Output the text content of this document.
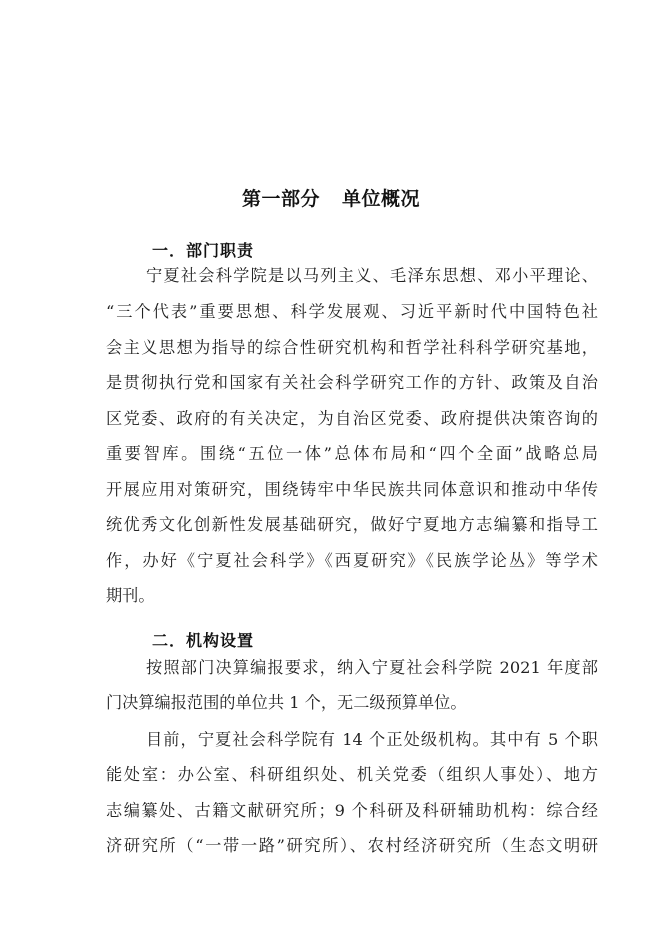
第一部分 单位概况
一．部门职责
宁夏社会科学院是以马列主义、毛泽东思想、邓小平理论、
“三个代表”重要思想、科学发展观、习近平新时代中国特色社
会主义思想为指导的综合性研究机构和哲学社科科学研究基地，
是贯彻执行党和国家有关社会科学研究工作的方针、政策及自治
区党委、政府的有关决定，为自治区党委、政府提供决策咨询的
重要智库。围绕“五位一体”总体布局和“四个全面”战略总局
开展应用对策研究，围绕铸牢中华民族共同体意识和推动中华传
统优秀文化创新性发展基础研究，做好宁夏地方志编纂和指导工
作，办好《宁夏社会科学》《西夏研究》《民族学论丛》等学术
期刊。
二．机构设置
按照部门决算编报要求，纳入宁夏社会科学院 2021 年度部
门决算编报范围的单位共 1 个，无二级预算单位。
目前，宁夏社会科学院有 14 个正处级机构。其中有 5 个职
能处室：办公室、科研组织处、机关党委（组织人事处）、地方
志编纂处、古籍文献研究所；9 个科研及科研辅助机构：综合经
济研究所（“一带一路”研究所）、农村经济研究所（生态文明研
